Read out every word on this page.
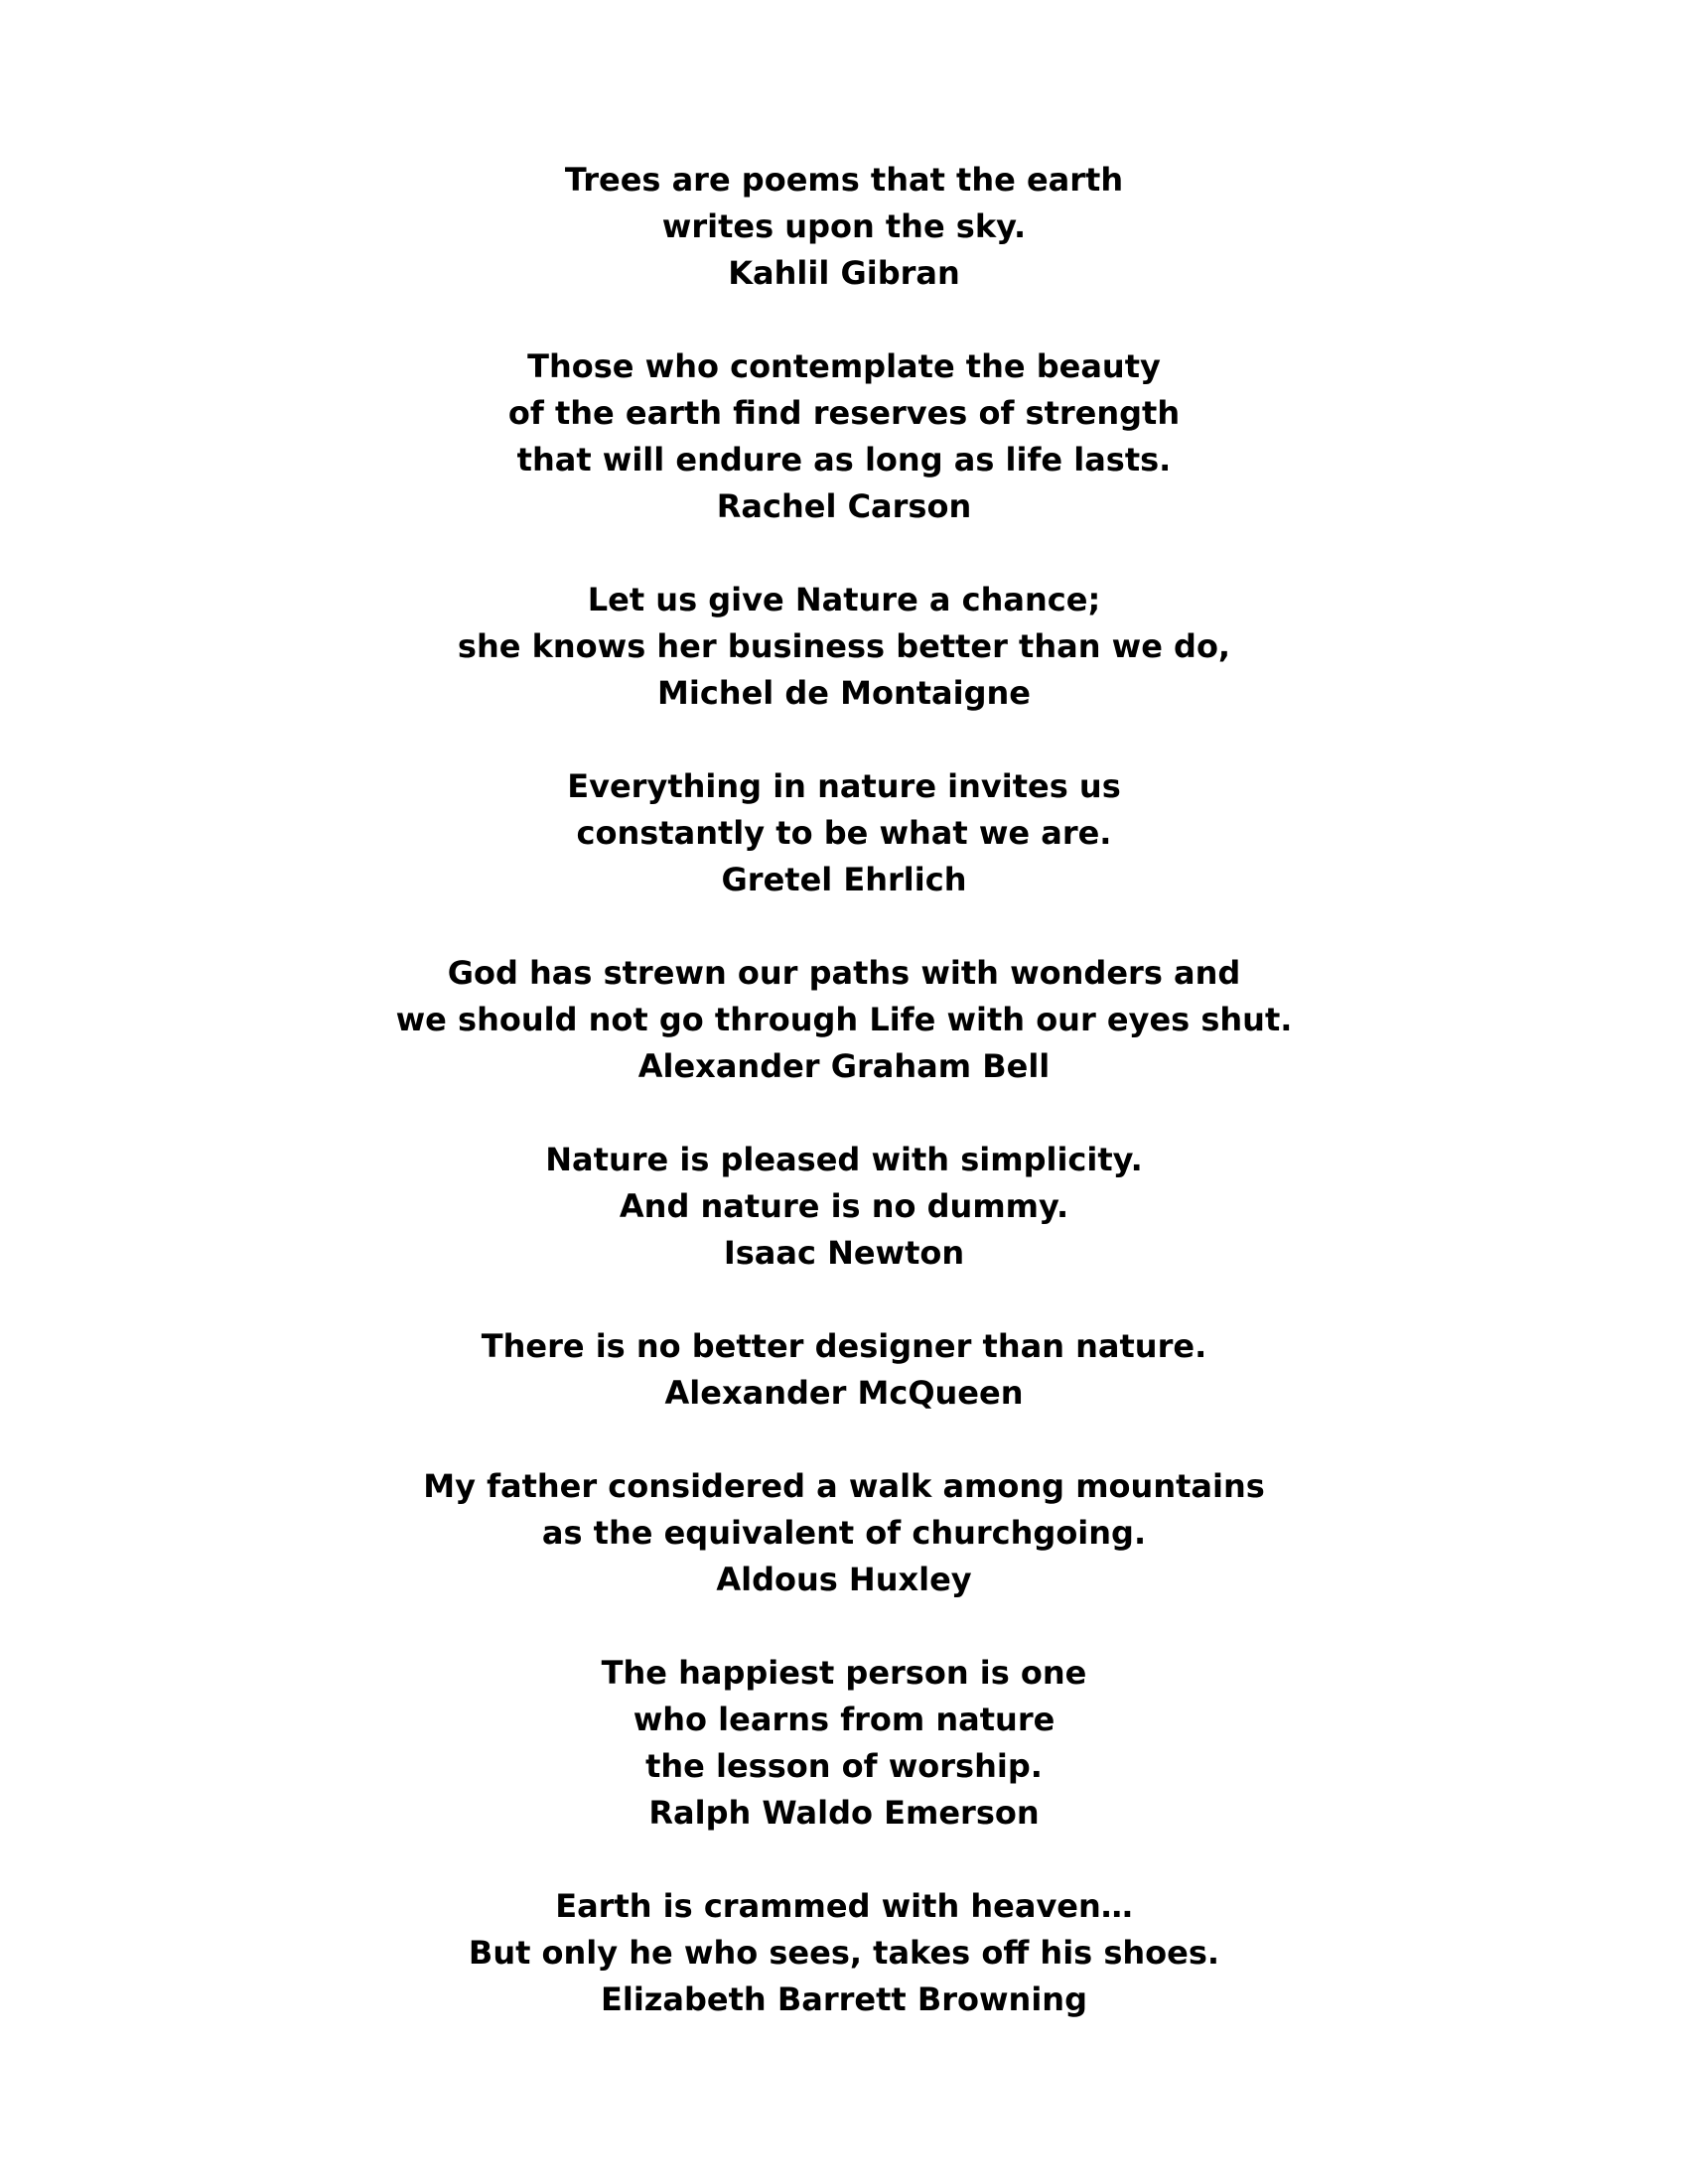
Trees are poems that the earth
writes upon the sky.
Kahlil Gibran
Those who contemplate the beauty
of the earth find reserves of strength
that will endure as long as life lasts.
Rachel Carson
Let us give Nature a chance;
she knows her business better than we do,
Michel de Montaigne
Everything in nature invites us
constantly to be what we are.
Gretel Ehrlich
God has strewn our paths with wonders and
we should not go through Life with our eyes shut.
Alexander Graham Bell
Nature is pleased with simplicity.
And nature is no dummy.
Isaac Newton
There is no better designer than nature.
Alexander McQueen
My father considered a walk among mountains
as the equivalent of churchgoing.
Aldous Huxley
The happiest person is one
who learns from nature
the lesson of worship.
Ralph Waldo Emerson
Earth is crammed with heaven…
But only he who sees, takes off his shoes.
Elizabeth Barrett Browning
